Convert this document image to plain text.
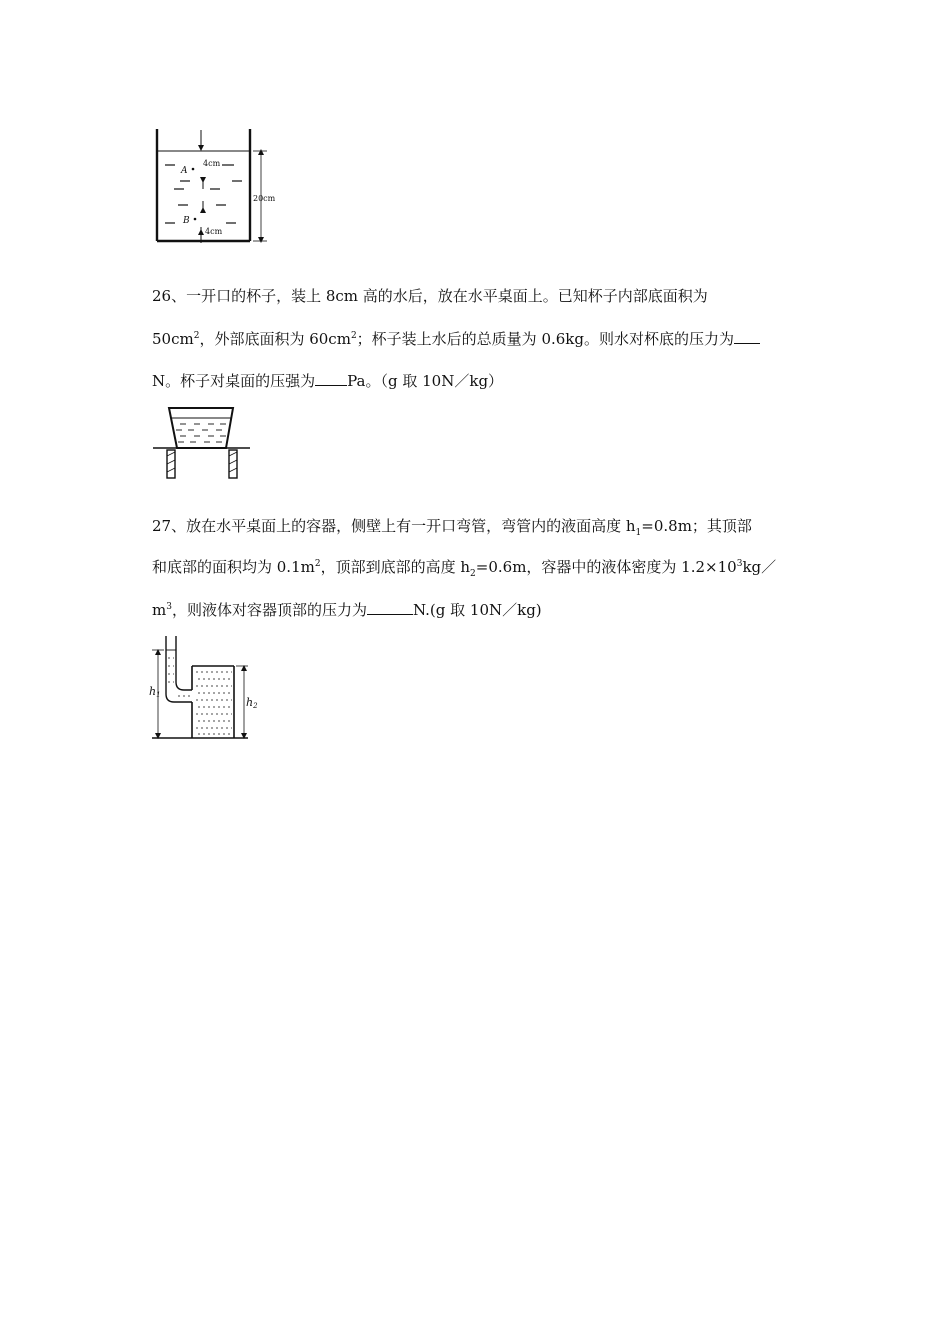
A
B
4cm
4cm
20cm
26、一开口的杯子，装上 8cm 高的水后，放在水平桌面上。已知杯子内部底面积为
$50cm^2$，外部底面积为 $60cm^2$；杯子装上水后的总质量为 0.6kg。则水对杯底的压力为
N。杯子对桌面的压强为 Pa。（g 取 10N／kg）
27、放在水平桌面上的容器，侧壁上有一开口弯管，弯管内的液面高度 $h_1=0.8m$；其顶部
和底部的面积均为 $0.1m^2$，顶部到底部的高度 $h_2=0.6m$，容器中的液体密度为 $1.2\times 10^3kg/$
$m^3$，则液体对容器顶部的压力为	N.(g 取 10N／kg)
h1
h2
